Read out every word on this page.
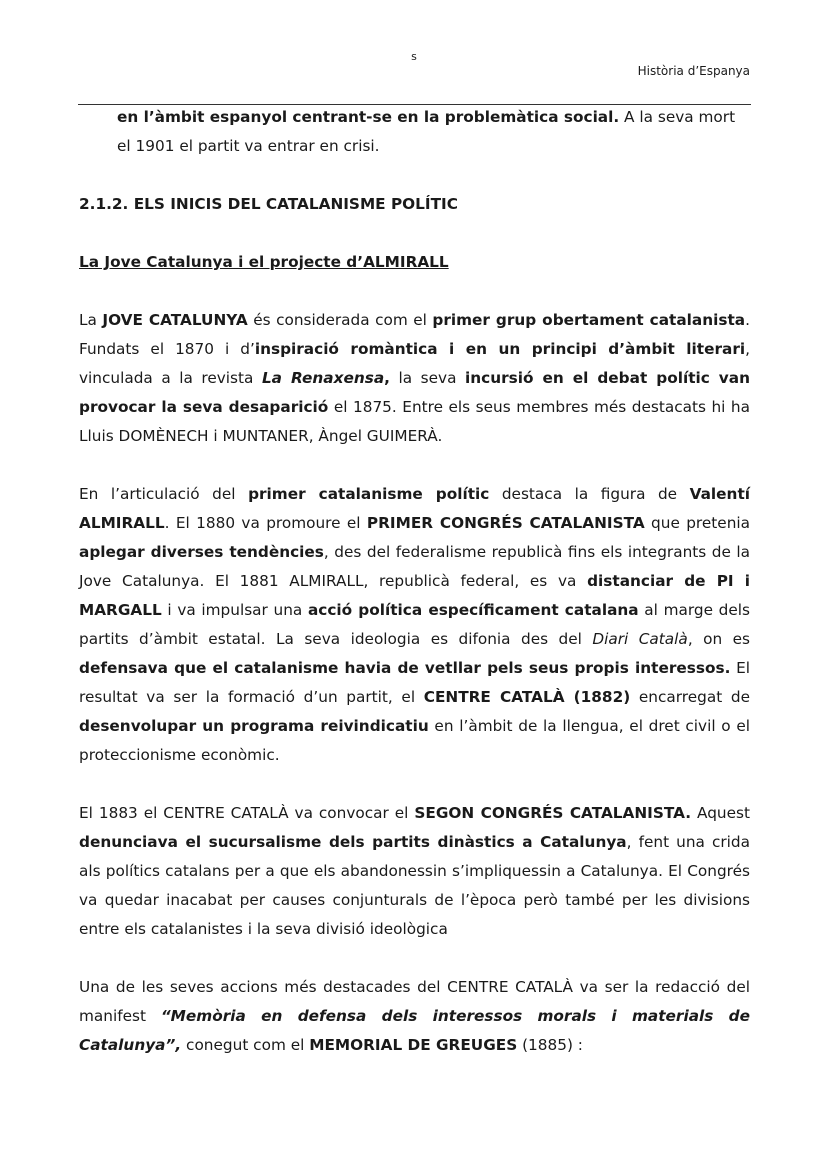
s
Història d’Espanya

en l’àmbit espanyol centrant-se en la problemàtica social. A la seva mort el 1901 el partit va entrar en crisi.

2.1.2. ELS INICIS DEL CATALANISME POLÍTIC

La Jove Catalunya i el projecte d’ALMIRALL

La JOVE CATALUNYA és considerada com el primer grup obertament catalanista. Fundats el 1870 i d’inspiració romàntica i en un principi d’àmbit literari, vinculada a la revista La Renaxensa, la seva incursió en el debat polític van provocar la seva desaparició el 1875. Entre els seus membres més destacats hi ha Lluis DOMÈNECH i MUNTANER, Àngel GUIMERÀ.

En l’articulació del primer catalanisme polític destaca la figura de Valentí ALMIRALL. El 1880 va promoure el PRIMER CONGRÉS CATALANISTA que pretenia aplegar diverses tendències, des del federalisme republicà fins els integrants de la Jove Catalunya. El 1881 ALMIRALL, republicà federal, es va distanciar de PI i MARGALL i va impulsar una acció política específicament catalana al marge dels partits d’àmbit estatal. La seva ideologia es difonia des del Diari Català, on es defensava que el catalanisme havia de vetllar pels seus propis interessos. El resultat va ser la formació d’un partit, el CENTRE CATALÀ (1882) encarregat de desenvolupar un programa reivindicatiu en l’àmbit de la llengua, el dret civil o el proteccionisme econòmic.

El 1883 el CENTRE CATALÀ va convocar el SEGON CONGRÉS CATALANISTA. Aquest denunciava el sucursalisme dels partits dinàstics a Catalunya, fent una crida als polítics catalans per a que els abandonessin s’impliquessin a Catalunya. El Congrés va quedar inacabat per causes conjunturals de l’època però també per les divisions entre els catalanistes i la seva divisió ideològica

Una de les seves accions més destacades del CENTRE CATALÀ va ser la redacció del manifest “Memòria en defensa dels interessos morals i materials de Catalunya”, conegut com el MEMORIAL DE GREUGES (1885) :
